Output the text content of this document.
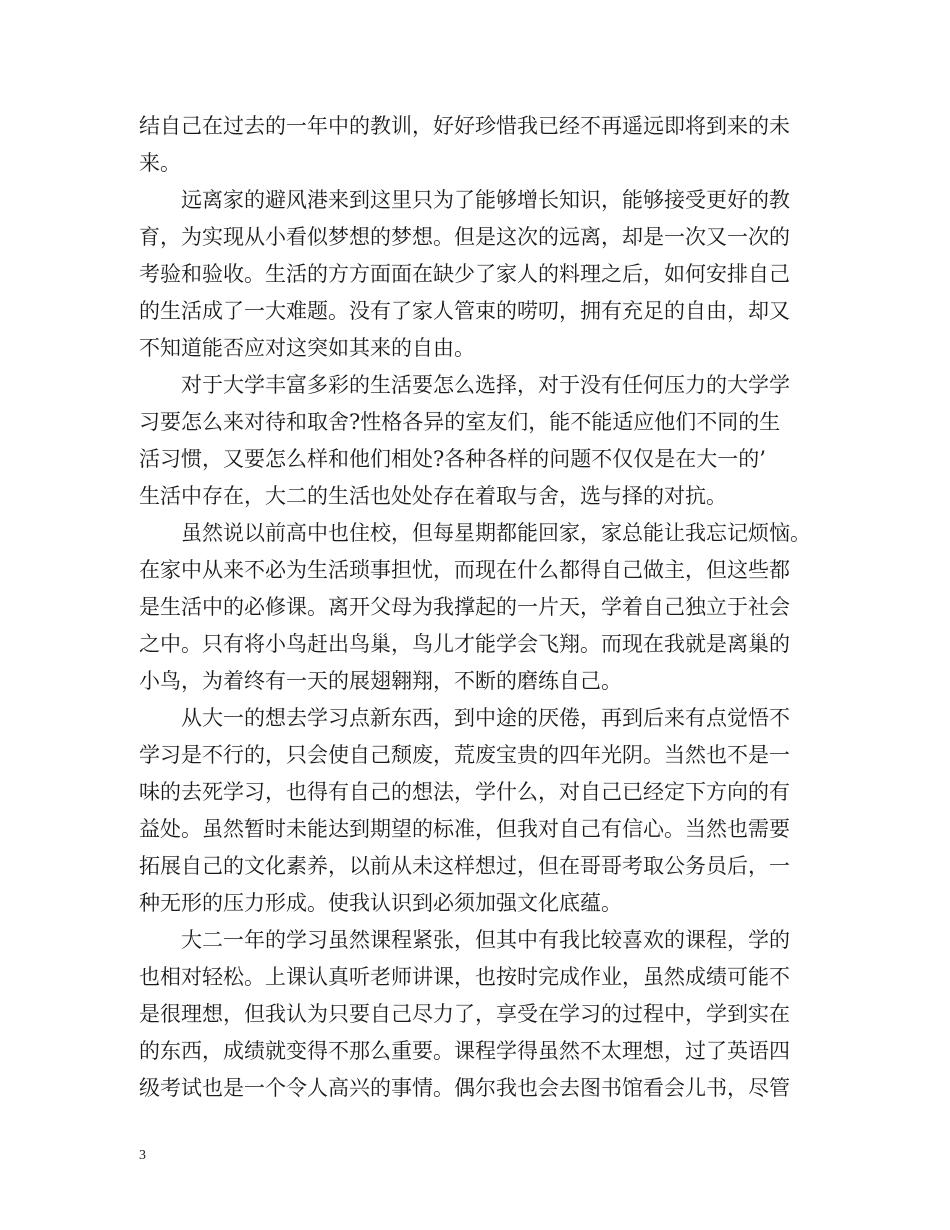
结自己在过去的一年中的教训，好好珍惜我已经不再遥远即将到来的未
来。
远离家的避风港来到这里只为了能够增长知识，能够接受更好的教
育，为实现从小看似梦想的梦想。但是这次的远离，却是一次又一次的
考验和验收。生活的方方面面在缺少了家人的料理之后，如何安排自己
的生活成了一大难题。没有了家人管束的唠叨，拥有充足的自由，却又
不知道能否应对这突如其来的自由。
对于大学丰富多彩的生活要怎么选择，对于没有任何压力的大学学
习要怎么来对待和取舍?性格各异的室友们，能不能适应他们不同的生
活习惯，又要怎么样和他们相处?各种各样的问题不仅仅是在大一的’
生活中存在，大二的生活也处处存在着取与舍，选与择的对抗。
虽然说以前高中也住校，但每星期都能回家，家总能让我忘记烦恼。
在家中从来不必为生活琐事担忧，而现在什么都得自己做主，但这些都
是生活中的必修课。离开父母为我撑起的一片天，学着自己独立于社会
之中。只有将小鸟赶出鸟巢，鸟儿才能学会飞翔。而现在我就是离巢的
小鸟，为着终有一天的展翅翱翔，不断的磨练自己。
从大一的想去学习点新东西，到中途的厌倦，再到后来有点觉悟不
学习是不行的，只会使自己颓废，荒废宝贵的四年光阴。当然也不是一
味的去死学习，也得有自己的想法，学什么，对自己已经定下方向的有
益处。虽然暂时未能达到期望的标准，但我对自己有信心。当然也需要
拓展自己的文化素养，以前从未这样想过，但在哥哥考取公务员后，一
种无形的压力形成。使我认识到必须加强文化底蕴。
大二一年的学习虽然课程紧张，但其中有我比较喜欢的课程，学的
也相对轻松。上课认真听老师讲课，也按时完成作业，虽然成绩可能不
是很理想，但我认为只要自己尽力了，享受在学习的过程中，学到实在
的东西，成绩就变得不那么重要。课程学得虽然不太理想，过了英语四
级考试也是一个令人高兴的事情。偶尔我也会去图书馆看会儿书，尽管
3
